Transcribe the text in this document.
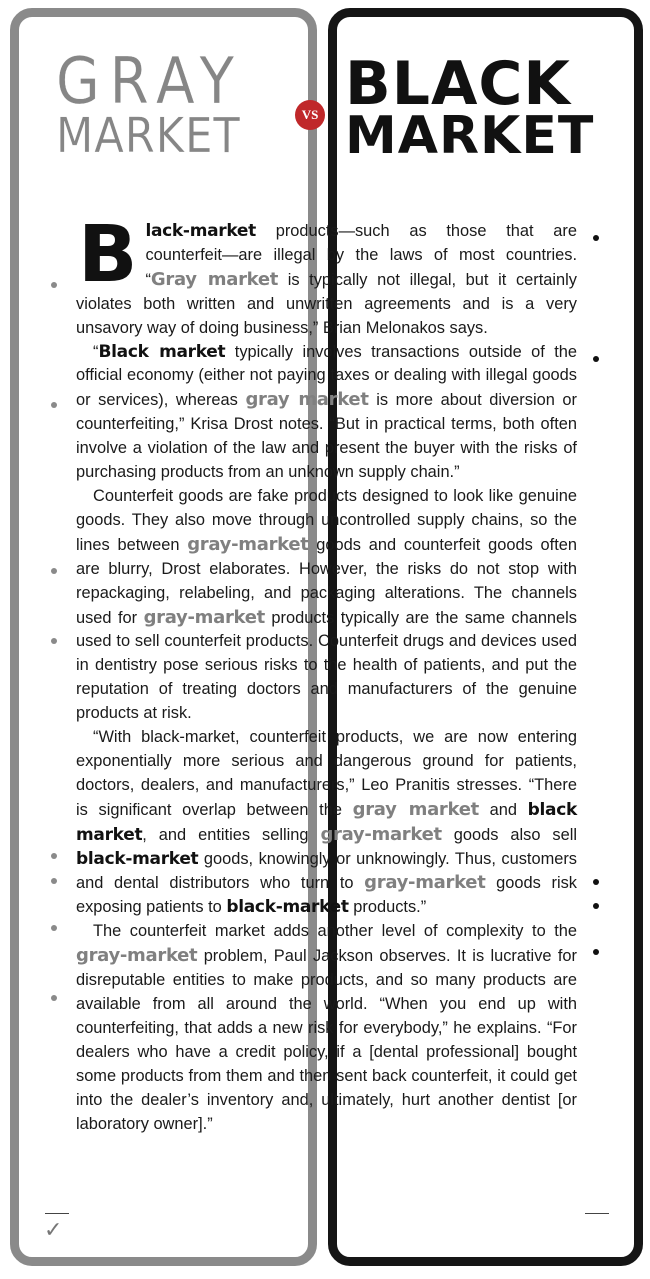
GRAY
MARKET	VS BLACK
MARKET

Black-market products—such as those that are counterfeit—are illegal by the laws of most countries. “Gray market is typically not illegal, but it certainly violates both written and unwritten agreements and is a very unsavory way of doing business,” Brian Melonakos says.

“Black market typically involves transactions outside of the official economy (either not paying taxes or dealing with illegal goods or services), whereas gray market is more about diversion or counterfeiting,” Krisa Drost notes. “But in practical terms, both often involve a violation of the law and present the buyer with the risks of purchasing products from an unknown supply chain.”

Counterfeit goods are fake products designed to look like genuine goods. They also move through uncontrolled supply chains, so the lines between gray-market goods and counterfeit goods often are blurry, Drost elaborates. However, the risks do not stop with repackaging, relabeling, and packaging alterations. The channels used for gray-market products typically are the same channels used to sell counterfeit products. Counterfeit drugs and devices used in dentistry pose serious risks to the health of patients, and put the reputation of treating doctors and manufacturers of the genuine products at risk.

“With black-market, counterfeit products, we are now entering exponentially more serious and dangerous ground for patients, doctors, dealers, and manufacturers,” Leo Pranitis stresses. “There is significant overlap between the gray market and black market, and entities selling gray-market goods also sell black-market goods, knowingly or unknowingly. Thus, customers and dental distributors who turn to gray-market goods risk exposing patients to black-market products.”

The counterfeit market adds another level of complexity to the gray-market problem, Paul Jackson observes. It is lucrative for disreputable entities to make products, and so many products are available from all around the world. “When you end up with counterfeiting, that adds a new risk for everybody,” he explains. “For dealers who have a credit policy, if a [dental professional] bought some products from them and then sent back counterfeit, it could get into the dealer’s inventory and, ultimately, hurt another dentist [or laboratory owner].”

✓
